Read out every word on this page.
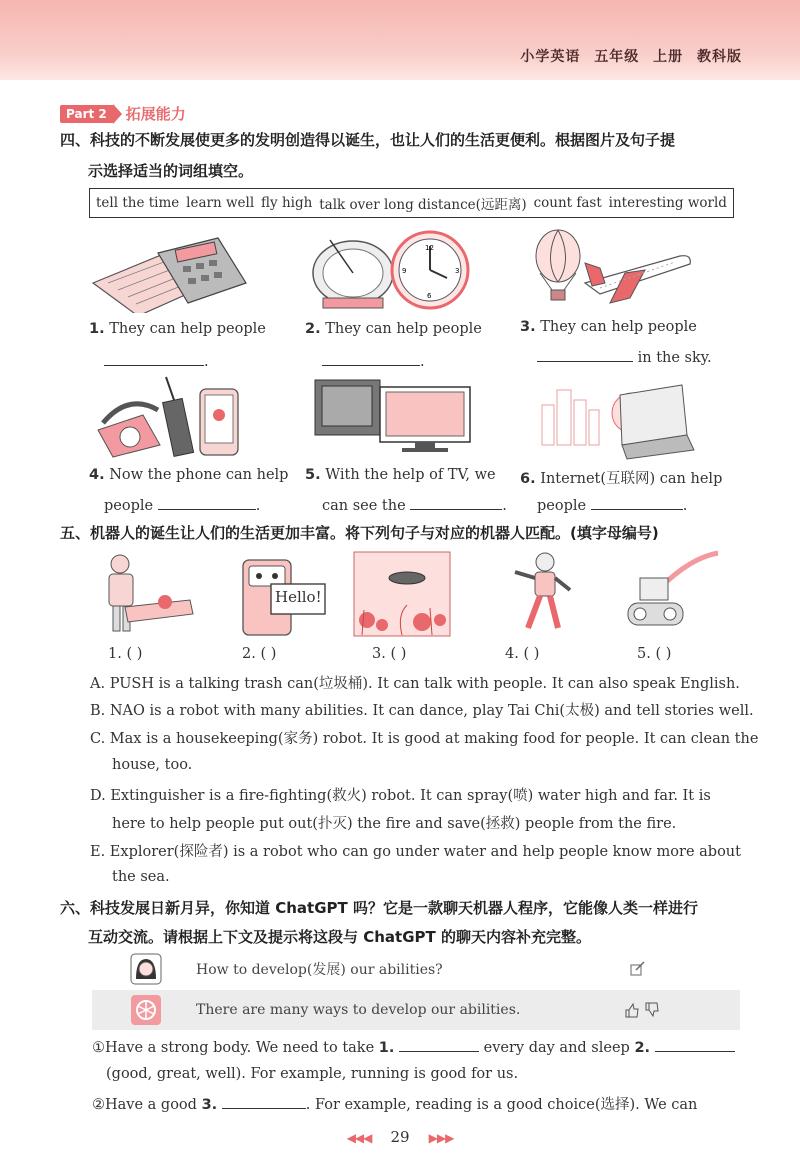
小学英语 五年级 上册 教科版
Part 2	拓展能力
四、科技的不断发展使更多的发明创造得以诞生，也让人们的生活更便利。根据图片及句子提
示选择适当的词组填空。
tell the time learn well fly high talk over long distance(远距离) count fast interesting world
12
3
6
9
1. They can help people
.
2. They can help people
.
3. They can help people
in the sky.
4. Now the phone can help
people	.
5. With the help of TV, we
can see the	.
6. Internet(互联网) can help
people	.
五、机器人的诞生让人们的生活更加丰富。将下列句子与对应的机器人匹配。(填字母编号)
Hello!
1. ( )	2. ( )	3. ( )	4. ( )	5. ( )
A. PUSH is a talking trash can(垃圾桶). It can talk with people. It can also speak English.
B. NAO is a robot with many abilities. It can dance, play Tai Chi(太极) and tell stories well.
C. Max is a housekeeping(家务) robot. It is good at making food for people. It can clean the
house, too.
D. Extinguisher is a fire-fighting(救火) robot. It can spray(喷) water high and far. It is
here to help people put out(扑灭) the fire and save(拯救) people from the fire.
E. Explorer(探险者) is a robot who can go under water and help people know more about
the sea.
六、科技发展日新月异，你知道 ChatGPT 吗？它是一款聊天机器人程序，它能像人类一样进行
互动交流。请根据上下文及提示将这段与 ChatGPT 的聊天内容补充完整。
How to develop(发展) our abilities?
There are many ways to develop our abilities.
①Have a strong body. We need to take 1.	every day and sleep 2.
(good, great, well). For example, running is good for us.
②Have a good 3.	. For example, reading is a good choice(选择). We can
◀◀◀ 29 ▶▶▶
